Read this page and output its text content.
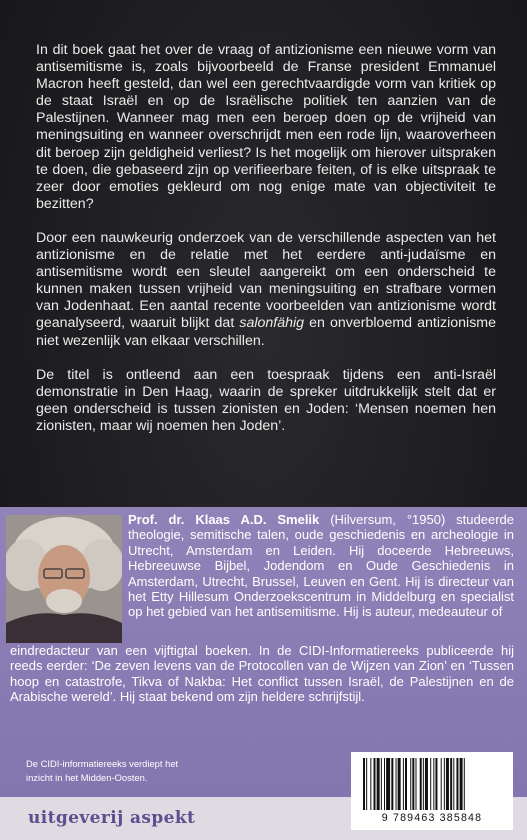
In dit boek gaat het over de vraag of antizionisme een nieuwe vorm van antisemitisme is, zoals bijvoorbeeld de Franse president Emmanuel Macron heeft gesteld, dan wel een gerechtvaardigde vorm van kritiek op de staat Israël en op de Israëlische politiek ten aanzien van de Palestijnen. Wanneer mag men een beroep doen op de vrijheid van meningsuiting en wanneer overschrijdt men een rode lijn, waaroverheen dit beroep zijn geldigheid verliest? Is het mogelijk om hierover uitspraken te doen, die gebaseerd zijn op verifieerbare feiten, of is elke uitspraak te zeer door emoties gekleurd om nog enige mate van objectiviteit te bezitten?

Door een nauwkeurig onderzoek van de verschillende aspecten van het antizionisme en de relatie met het eerdere anti-judaïsme en antisemitisme wordt een sleutel aangereikt om een onderscheid te kunnen maken tussen vrijheid van meningsuiting en strafbare vormen van Jodenhaat. Een aantal recente voorbeelden van antizionisme wordt geanalyseerd, waaruit blijkt dat salonfähig en onverbloemd antizionisme niet wezenlijk van elkaar verschillen.

De titel is ontleend aan een toespraak tijdens een anti-Israël demonstratie in Den Haag, waarin de spreker uitdrukkelijk stelt dat er geen onderscheid is tussen zionisten en Joden: ‘Mensen noemen hen zionisten, maar wij noemen hen Joden’.

Prof. dr. Klaas A.D. Smelik (Hilversum, °1950) studeerde theologie, semitische talen, oude geschiedenis en archeologie in Utrecht, Amsterdam en Leiden. Hij doceerde Hebreeuws, Hebreeuwse Bijbel, Jodendom en Oude Geschiedenis in Amsterdam, Utrecht, Brussel, Leuven en Gent. Hij is directeur van het Etty Hillesum Onderzoekscentrum in Middelburg en specialist op het gebied van het antisemitisme. Hij is auteur, medeauteur of
eindredacteur van een vijftigtal boeken. In de CIDI-Informatiereeks publiceerde hij reeds eerder: ‘De zeven levens van de Protocollen van de Wijzen van Zion’ en ‘Tussen hoop en catastrofe, Tikva of Nakba: Het conflict tussen Israël, de Palestijnen en de Arabische wereld’. Hij staat bekend om zijn heldere schrijfstijl.
De CIDI-informatiereeks verdiept het
inzicht in het Midden-Oosten.
uitgeverij aspekt	9 789463 385848
